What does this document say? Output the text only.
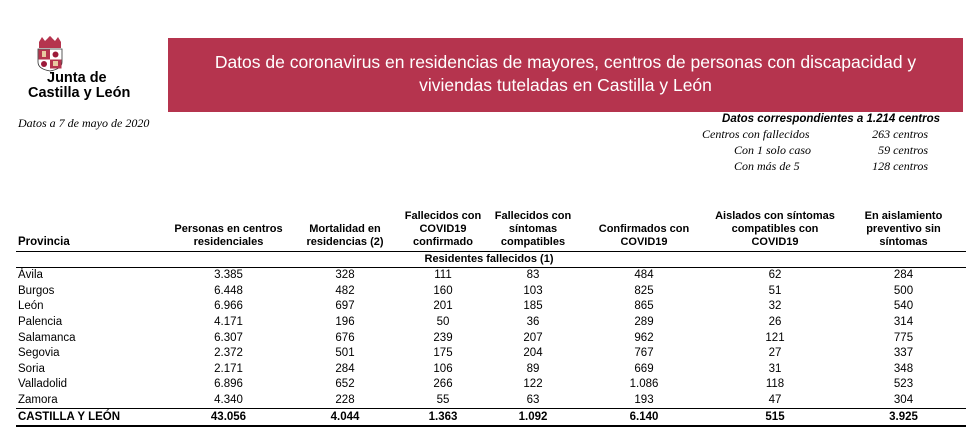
Junta de
Castilla y León
Datos a 7 de mayo de 2020
Datos de coronavirus en residencias de mayores, centros de personas con discapacidad y
viviendas tuteladas en Castilla y León
Datos correspondientes a 1.214 centros
Centros con fallecidos	263 centros
Con 1 solo caso	59 centros
Con más de 5	128 centros
Provincia	Personas en centros residenciales	Mortalidad en residencias (2)	Fallecidos con COVID19 confirmado	Fallecidos con síntomas compatibles	Confirmados con COVID19	Aislados con síntomas compatibles con COVID19	En aislamiento preventivo sin síntomas
			Residentes fallecidos (1)				
Ávila	3.385	328	111	83	484	62	284
Burgos	6.448	482	160	103	825	51	500
León	6.966	697	201	185	865	32	540
Palencia	4.171	196	50	36	289	26	314
Salamanca	6.307	676	239	207	962	121	775
Segovia	2.372	501	175	204	767	27	337
Soria	2.171	284	106	89	669	31	348
Valladolid	6.896	652	266	122	1.086	118	523
Zamora	4.340	228	55	63	193	47	304
CASTILLA Y LEÓN	43.056	4.044	1.363	1.092	6.140	515	3.925
